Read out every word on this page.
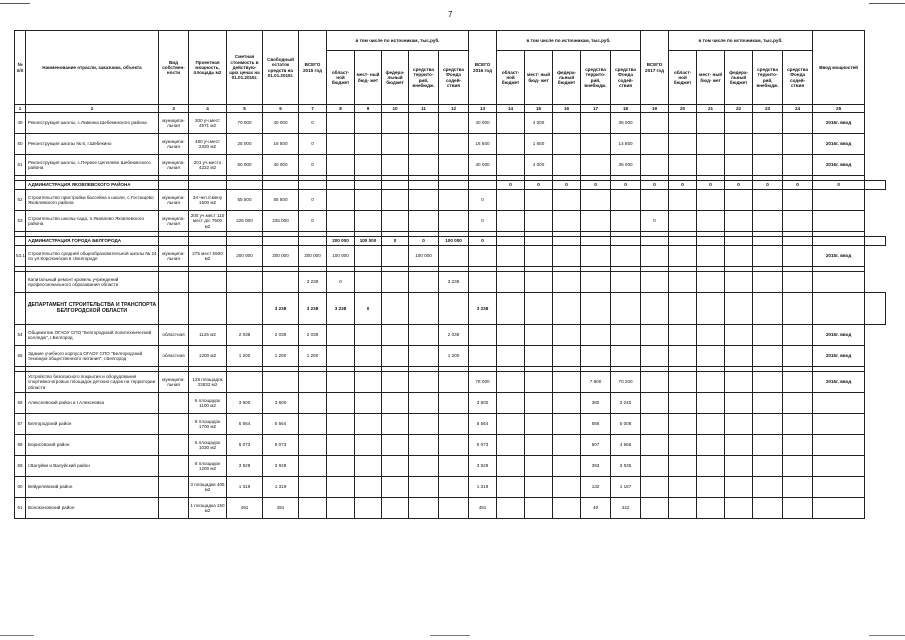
7
№ п/п	Наименование отрасли, заказчика, объекта	Вид собствен- ности	Проектная мощность, площадь м2	Сметная стоимость в действую- щих ценах на 01.01.2015г.	Свободный остаток средств на 01.01.2015г.	ВСЕГО 2015 год	в том числе по источникам, тыс.руб.					ВСЕГО 2016 год	в том числе по источникам, тыс.руб.					ВСЕГО 2017 год	в том числе по источникам, тыс.руб.					Ввод мощностей	
							област- ной бюджет	мест- ный бюд- жет	федера- льный бюджет	средства террито- рий, внебюдж.	средства Фонда содей- ствия		област- ной бюджет	мест- ный бюд- жет	федера- льный бюджет	средства террито- рий, внебюдж.	средства Фонда содей- ствия		област- ной бюджет	мест- ный бюд- жет	федера- льный бюджет	средства террито- рий, внебюдж.	средства Фонда содей- ствия		
1	2	3	4	5	6	7	8	9	10	11	12	13	14	15	16	17	18	19	20	21	22	23	24	25	
49	Реконструкция школы, с.Ливенка Шебекинского района	муниципа- льная	300 уч.мест 4571 м2	70 000	40 000	0						40 000		4 000			36 000							2016г. ввод	
50	Реконструкция школы № 6, г.Шебекино	муниципа- льная	480 уч.мест 2320 м2	25 000	16 500	0						16 500		1 650			14 850							2016г. ввод	
51	Реконструкция школы, с.Первое Цепляево Шебекинского района	муниципа- льная	201 уч.место 4222 м2	60 000	40 000	0						40 000		4 000			36 000							2016г. ввод	

	АДМИНИСТРАЦИЯ ЯКОВЛЕВСКОГО РАЙОНА												0	0	0	0	0	0	0	0	0	0	0	0	
52	Строительство пристройки бассейна к школе, с.Гостищево Яковлевского района	муниципа- льная	34 чел./смену 1500 м2	55 500	55 500	0						0													
53	Строительство школы-сада, п.Яковлево Яковлевского района	муниципа- льная	200 уч.мест 110 мест д/с 7500 м2	225 000	225 000	0						0						0							

	АДМИНИСТРАЦИЯ ГОРОДА БЕЛГОРОДА						200 000	100 000	0	0	100 000	0													
53.1	Строительство средней общеобразовательной школы № 24 по ул.Корочанская в г.Белгороде	муниципа- льная	275 мест 5500 м2	200 000	200 000	200 000	100 000			100 000														2015г. ввод	

	Капитальный ремонт кровель учреждений профессионального образования области					3 238	0				3 238														
	ДЕПАРТАМЕНТ СТРОИТЕЛЬСТВА И ТРАНСПОРТА БЕЛГОРОДСКОЙ ОБЛАСТИ				3 238	3 238	3 238	0				3 238													
54	Общежитие ОГАОУ СПО "Белгородский политехнический колледж", г.Белгород	областная	1125 м2	2 038	2 038	2 038					2 038													2015г. ввод	
55	Здание учебного корпуса ОГАОУ СПО "Белгородский техникум общественного питания", г.Белгород	областная	1200 м2	1 200	1 200	1 200					1 200													2015г. ввод	

	Устройство безопасного покрытия и оборудования спортивно-игровых площадок детских садов на территории области	муниципа- льная	128 площадок 23832 м2									78 000				7 800	70 200							2016г. ввод	
56	Алексеевский район и г.Алексеевка		6 площадок 1100 м2	3 600	3 600							3 600				360	3 240								
57	Белгородский район		8 площадок 1700 м2	5 564	5 564							5 564				556	5 008								
58	Борисовский район		5 площадок 1030 м2	5 073	5 073							5 073				507	4 566								
59	г.Валуйки и Валуйский район		8 площадок 1200 м2	3 928	3 928							3 928				393	3 535								
60	Вейделевский район		3 площадки 405 м2	1 319	1 319							1 319				132	1 187								
61	Волоконовский район		1 площадка 150 м2	491	491							491				49	442								
